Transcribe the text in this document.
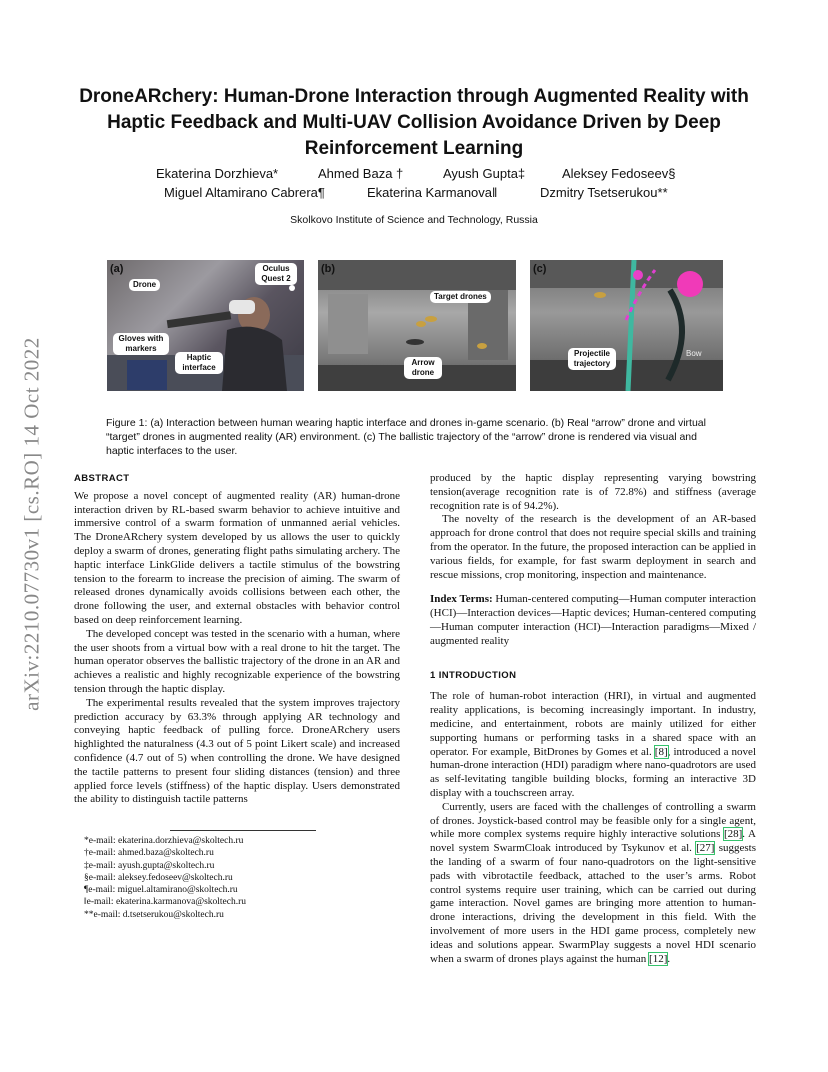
arXiv:2210.07730v1 [cs.RO] 14 Oct 2022
DroneARchery: Human-Drone Interaction through Augmented Reality with Haptic Feedback and Multi-UAV Collision Avoidance Driven by Deep Reinforcement Learning
Ekaterina Dorzhieva*	Ahmed Baza †	Ayush Gupta‡	Aleksey Fedoseev§
Miguel Altamirano Cabrera¶	Ekaterina Karmanova‖	Dzmitry Tsetserukou**
Skolkovo Institute of Science and Technology, Russia
(a)
Drone
Oculus Quest 2
Gloves with markers
Haptic interface
(b)
Target drones
Arrow drone
(c)
Projectile trajectory
Bow
Figure 1: (a) Interaction between human wearing haptic interface and drones in-game scenario. (b) Real “arrow” drone and virtual “target” drones in augmented reality (AR) environment. (c) The ballistic trajectory of the “arrow” drone is rendered via visual and haptic interfaces to the user.
ABSTRACT

We propose a novel concept of augmented reality (AR) human-drone interaction driven by RL-based swarm behavior to achieve intuitive and immersive control of a swarm formation of unmanned aerial vehicles. The DroneARchery system developed by us allows the user to quickly deploy a swarm of drones, generating flight paths simulating archery. The haptic interface LinkGlide delivers a tactile stimulus of the bowstring tension to the forearm to increase the precision of aiming. The swarm of released drones dynamically avoids collisions between each other, the drone following the user, and external obstacles with behavior control based on deep reinforcement learning.

The developed concept was tested in the scenario with a human, where the user shoots from a virtual bow with a real drone to hit the target. The human operator observes the ballistic trajectory of the drone in an AR and achieves a realistic and highly recognizable experience of the bowstring tension through the haptic display.

The experimental results revealed that the system improves trajectory prediction accuracy by 63.3% through applying AR technology and conveying haptic feedback of pulling force. DroneARchery users highlighted the naturalness (4.3 out of 5 point Likert scale) and increased confidence (4.7 out of 5) when controlling the drone. We have designed the tactile patterns to present four sliding distances (tension) and three applied force levels (stiffness) of the haptic display. Users demonstrated the ability to distinguish tactile patterns

*e-mail: ekaterina.dorzhieva@skoltech.ru
†e-mail: ahmed.baza@skoltech.ru
‡e-mail: ayush.gupta@skoltech.ru
§e-mail: aleksey.fedoseev@skoltech.ru
¶e-mail: miguel.altamirano@skoltech.ru
‖e-mail: ekaterina.karmanova@skoltech.ru
**e-mail: d.tsetserukou@skoltech.ru

produced by the haptic display representing varying bowstring tension(average recognition rate is of 72.8%) and stiffness (average recognition rate is of 94.2%).

The novelty of the research is the development of an AR-based approach for drone control that does not require special skills and training from the operator. In the future, the proposed interaction can be applied in various fields, for example, for fast swarm deployment in search and rescue missions, crop monitoring, inspection and maintenance.

Index Terms: Human-centered computing—Human computer interaction (HCI)—Interaction devices—Haptic devices; Human-centered computing—Human computer interaction (HCI)—Interaction paradigms—Mixed / augmented reality

1 INTRODUCTION

The role of human-robot interaction (HRI), in virtual and augmented reality applications, is becoming increasingly important. In industry, medicine, and entertainment, robots are mainly utilized for either supporting humans or performing tasks in a shared space with an operator. For example, BitDrones by Gomes et al. [8], introduced a novel human-drone interaction (HDI) paradigm where nano-quadrotors are used as self-levitating tangible building blocks, forming an interactive 3D display with a touchscreen array.

Currently, users are faced with the challenges of controlling a swarm of drones. Joystick-based control may be feasible only for a single agent, while more complex systems require highly interactive solutions [28]. A novel system SwarmCloak introduced by Tsykunov et al. [27] suggests the landing of a swarm of four nano-quadrotors on the light-sensitive pads with vibrotactile feedback, attached to the user’s arms. Robot control systems require user training, which can be carried out during game interaction. Novel games are bringing more attention to human-drone interactions, driving the development in this field. With the involvement of more users in the HDI game process, completely new ideas and solutions appear. SwarmPlay suggests a novel HDI scenario when a swarm of drones plays against the human [12].
